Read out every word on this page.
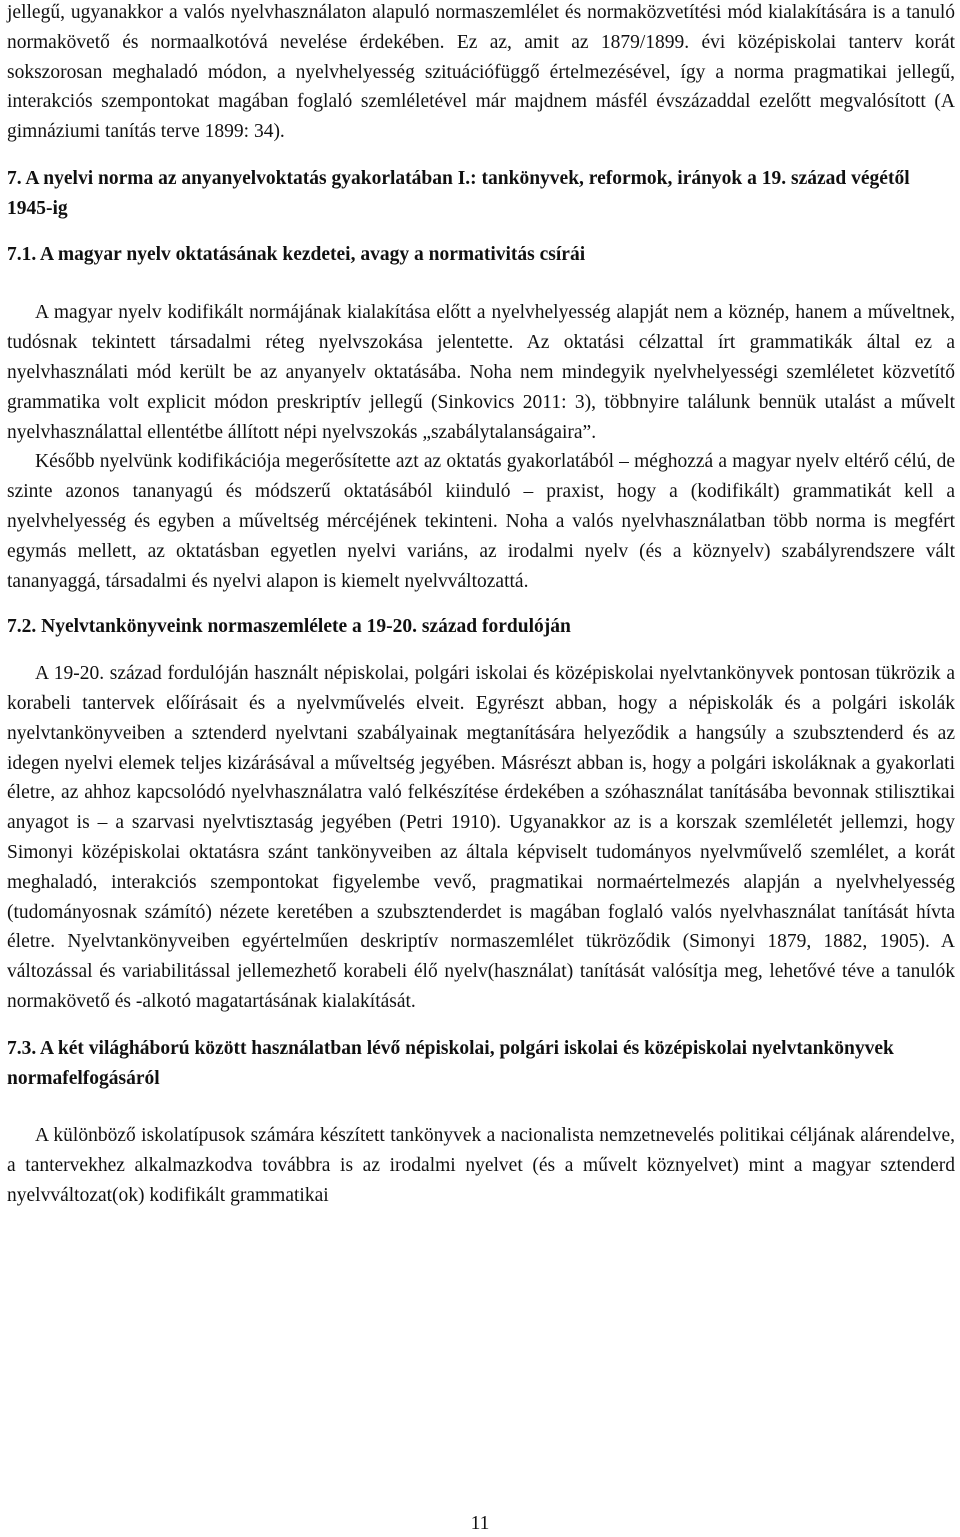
jellegű, ugyanakkor a valós nyelvhasználaton alapuló normaszemlélet és normaközvetítési mód kialakítására is a tanuló normakövető és normaalkotóvá nevelése érdekében. Ez az, amit az 1879/1899. évi középiskolai tanterv korát sokszorosan meghaladó módon, a nyelvhelyesség szituációfüggő értelmezésével, így a norma pragmatikai jellegű, interakciós szempontokat magában foglaló szemléletével már majdnem másfél évszázaddal ezelőtt megvalósított (A gimnáziumi tanítás terve 1899: 34).

7. A nyelvi norma az anyanyelvoktatás gyakorlatában I.: tankönyvek, reformok, irányok a 19. század végétől 1945-ig
7.1. A magyar nyelv oktatásának kezdetei, avagy a normativitás csírái

A magyar nyelv kodifikált normájának kialakítása előtt a nyelvhelyesség alapját nem a köznép, hanem a műveltnek, tudósnak tekintett társadalmi réteg nyelvszokása jelentette. Az oktatási célzattal írt grammatikák által ez a nyelvhasználati mód került be az anyanyelv oktatásába. Noha nem mindegyik nyelvhelyességi szemléletet közvetítő grammatika volt explicit módon preskriptív jellegű (Sinkovics 2011: 3), többnyire találunk bennük utalást a művelt nyelvhasználattal ellentétbe állított népi nyelvszokás „szabálytalanságaira”.

Később nyelvünk kodifikációja megerősítette azt az oktatás gyakorlatából – méghozzá a magyar nyelv eltérő célú, de szinte azonos tananyagú és módszerű oktatásából kiinduló – praxist, hogy a (kodifikált) grammatikát kell a nyelvhelyesség és egyben a műveltség mércéjének tekinteni. Noha a valós nyelvhasználatban több norma is megfért egymás mellett, az oktatásban egyetlen nyelvi variáns, az irodalmi nyelv (és a köznyelv) szabályrendszere vált tananyaggá, társadalmi és nyelvi alapon is kiemelt nyelvváltozattá.

7.2. Nyelvtankönyveink normaszemlélete a 19-20. század fordulóján

A 19-20. század fordulóján használt népiskolai, polgári iskolai és középiskolai nyelvtankönyvek pontosan tükrözik a korabeli tantervek előírásait és a nyelvművelés elveit. Egyrészt abban, hogy a népiskolák és a polgári iskolák nyelvtankönyveiben a sztenderd nyelvtani szabályainak megtanítására helyeződik a hangsúly a szubsztenderd és az idegen nyelvi elemek teljes kizárásával a műveltség jegyében. Másrészt abban is, hogy a polgári iskoláknak a gyakorlati életre, az ahhoz kapcsolódó nyelvhasználatra való felkészítése érdekében a szóhasználat tanításába bevonnak stilisztikai anyagot is – a szarvasi nyelvtisztaság jegyében (Petri 1910). Ugyanakkor az is a korszak szemléletét jellemzi, hogy Simonyi középiskolai oktatásra szánt tankönyveiben az általa képviselt tudományos nyelvművelő szemlélet, a korát meghaladó, interakciós szempontokat figyelembe vevő, pragmatikai normaértelmezés alapján a nyelvhelyesség (tudományosnak számító) nézete keretében a szubsztenderdet is magában foglaló valós nyelvhasználat tanítását hívta életre. Nyelvtankönyveiben egyértelműen deskriptív normaszemlélet tükröződik (Simonyi 1879, 1882, 1905). A változással és variabilitással jellemezhető korabeli élő nyelv(használat) tanítását valósítja meg, lehetővé téve a tanulók normakövető és -alkotó magatartásának kialakítását.

7.3. A két világháború között használatban lévő népiskolai, polgári iskolai és középiskolai nyelvtankönyvek normafelfogásáról

A különböző iskolatípusok számára készített tankönyvek a nacionalista nemzetnevelés politikai céljának alárendelve, a tantervekhez alkalmazkodva továbbra is az irodalmi nyelvet (és a művelt köznyelvet) mint a magyar sztenderd nyelvváltozat(ok) kodifikált grammatikai

11
